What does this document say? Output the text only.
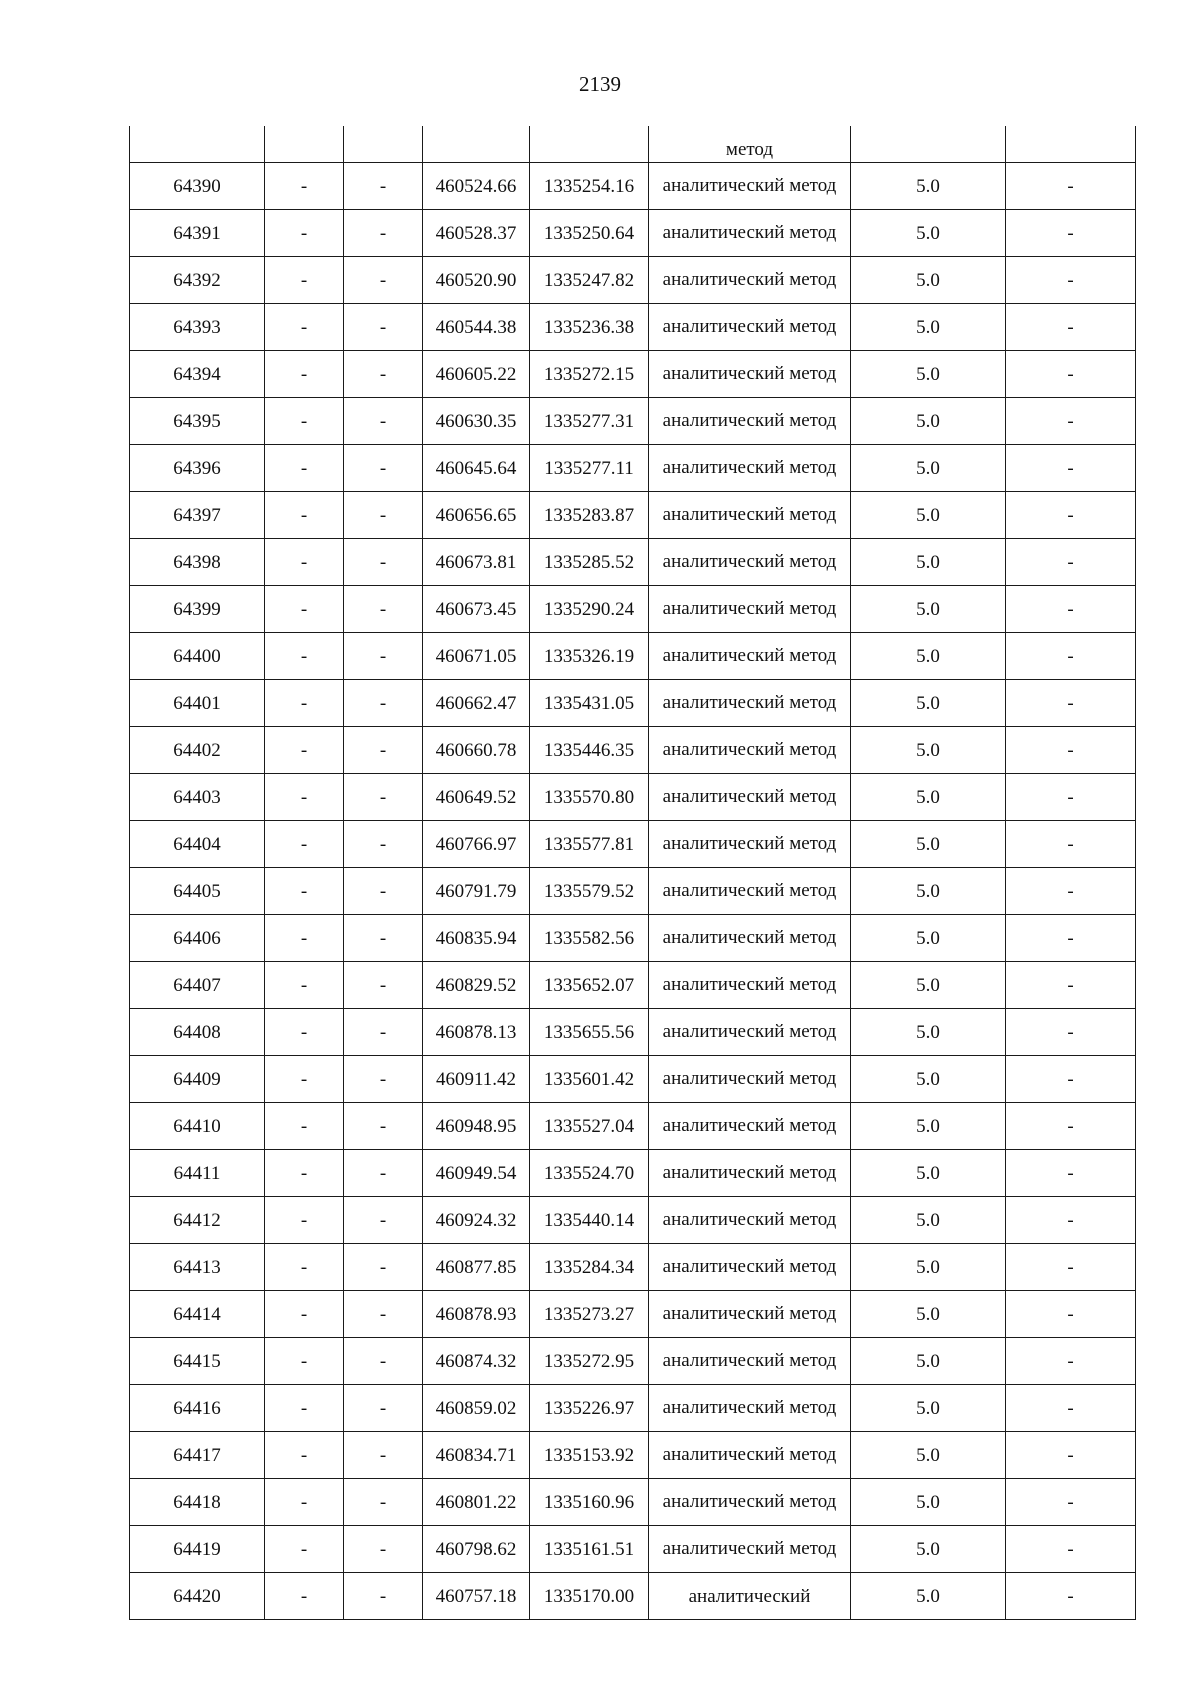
2139
					метод		
64390	-	-	460524.66	1335254.16	аналитический метод	5.0	-
64391	-	-	460528.37	1335250.64	аналитический метод	5.0	-
64392	-	-	460520.90	1335247.82	аналитический метод	5.0	-
64393	-	-	460544.38	1335236.38	аналитический метод	5.0	-
64394	-	-	460605.22	1335272.15	аналитический метод	5.0	-
64395	-	-	460630.35	1335277.31	аналитический метод	5.0	-
64396	-	-	460645.64	1335277.11	аналитический метод	5.0	-
64397	-	-	460656.65	1335283.87	аналитический метод	5.0	-
64398	-	-	460673.81	1335285.52	аналитический метод	5.0	-
64399	-	-	460673.45	1335290.24	аналитический метод	5.0	-
64400	-	-	460671.05	1335326.19	аналитический метод	5.0	-
64401	-	-	460662.47	1335431.05	аналитический метод	5.0	-
64402	-	-	460660.78	1335446.35	аналитический метод	5.0	-
64403	-	-	460649.52	1335570.80	аналитический метод	5.0	-
64404	-	-	460766.97	1335577.81	аналитический метод	5.0	-
64405	-	-	460791.79	1335579.52	аналитический метод	5.0	-
64406	-	-	460835.94	1335582.56	аналитический метод	5.0	-
64407	-	-	460829.52	1335652.07	аналитический метод	5.0	-
64408	-	-	460878.13	1335655.56	аналитический метод	5.0	-
64409	-	-	460911.42	1335601.42	аналитический метод	5.0	-
64410	-	-	460948.95	1335527.04	аналитический метод	5.0	-
64411	-	-	460949.54	1335524.70	аналитический метод	5.0	-
64412	-	-	460924.32	1335440.14	аналитический метод	5.0	-
64413	-	-	460877.85	1335284.34	аналитический метод	5.0	-
64414	-	-	460878.93	1335273.27	аналитический метод	5.0	-
64415	-	-	460874.32	1335272.95	аналитический метод	5.0	-
64416	-	-	460859.02	1335226.97	аналитический метод	5.0	-
64417	-	-	460834.71	1335153.92	аналитический метод	5.0	-
64418	-	-	460801.22	1335160.96	аналитический метод	5.0	-
64419	-	-	460798.62	1335161.51	аналитический метод	5.0	-
64420	-	-	460757.18	1335170.00	аналитический	5.0	-
